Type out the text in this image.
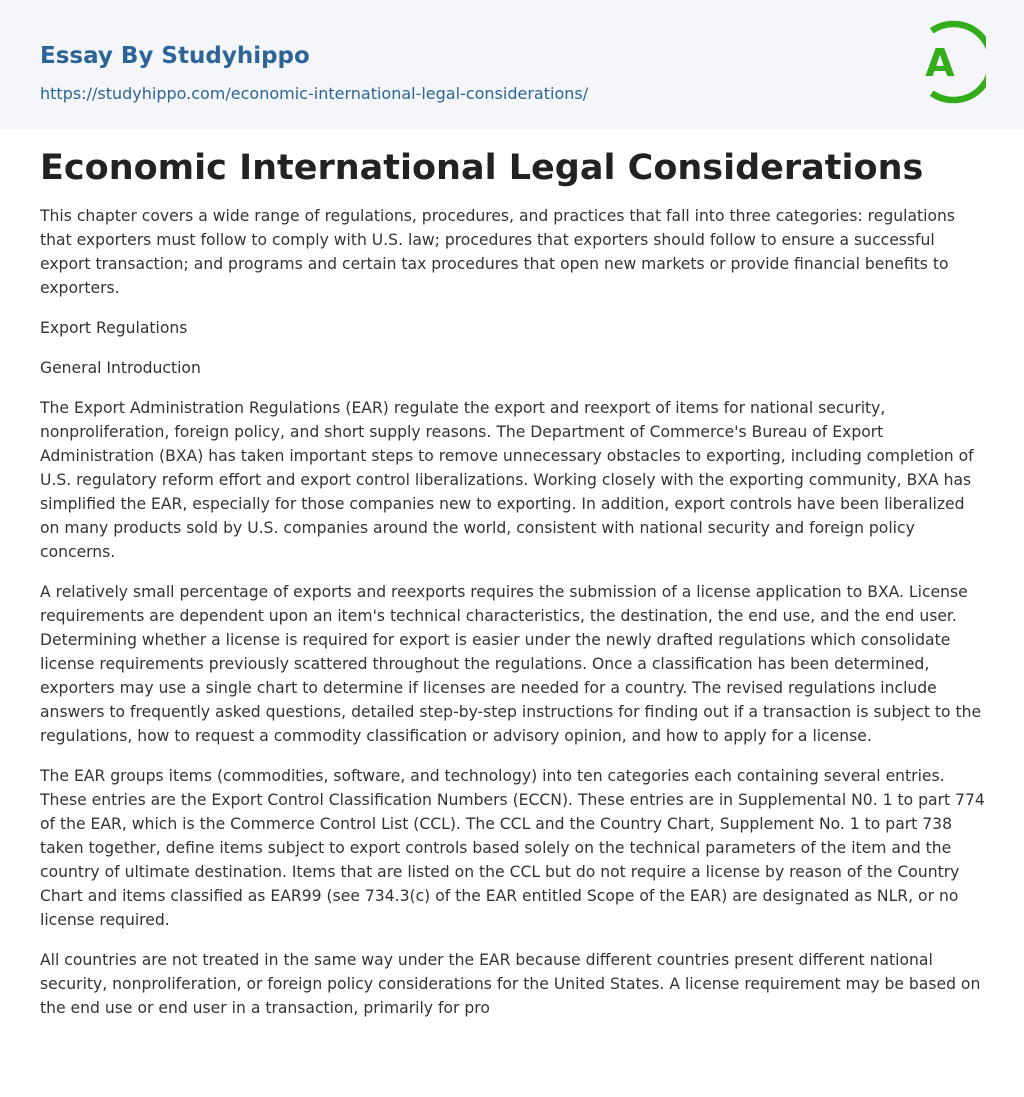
Essay By Studyhippo
https://studyhippo.com/economic-international-legal-considerations/
A
Economic International Legal Considerations

This chapter covers a wide range of regulations, procedures, and practices that fall into three categories: regulations that exporters must follow to comply with U.S. law; procedures that exporters should follow to ensure a successful export transaction; and programs and certain tax procedures that open new markets or provide financial benefits to exporters.

Export Regulations

General Introduction

The Export Administration Regulations (EAR) regulate the export and reexport of items for national security, nonproliferation, foreign policy, and short supply reasons. The Department of Commerce's Bureau of Export Administration (BXA) has taken important steps to remove unnecessary obstacles to exporting, including completion of U.S. regulatory reform effort and export control liberalizations. Working closely with the exporting community, BXA has simplified the EAR, especially for those companies new to exporting. In addition, export controls have been liberalized on many products sold by U.S. companies around the world, consistent with national security and foreign policy concerns.

A relatively small percentage of exports and reexports requires the submission of a license application to BXA. License requirements are dependent upon an item's technical characteristics, the destination, the end use, and the end user. Determining whether a license is required for export is easier under the newly drafted regulations which consolidate license requirements previously scattered throughout the regulations. Once a classification has been determined, exporters may use a single chart to determine if licenses are needed for a country. The revised regulations include answers to frequently asked questions, detailed step-by-step instructions for finding out if a transaction is subject to the regulations, how to request a commodity classification or advisory opinion, and how to apply for a license.

The EAR groups items (commodities, software, and technology) into ten categories each containing several entries. These entries are the Export Control Classification Numbers (ECCN). These entries are in Supplemental N0. 1 to part 774 of the EAR, which is the Commerce Control List (CCL). The CCL and the Country Chart, Supplement No. 1 to part 738 taken together, define items subject to export controls based solely on the technical parameters of the item and the country of ultimate destination. Items that are listed on the CCL but do not require a license by reason of the Country Chart and items classified as EAR99 (see 734.3(c) of the EAR entitled Scope of the EAR) are designated as NLR, or no license required.

All countries are not treated in the same way under the EAR because different countries present different national security, nonproliferation, or foreign policy considerations for the United States. A license requirement may be based on the end use or end user in a transaction, primarily for pro
